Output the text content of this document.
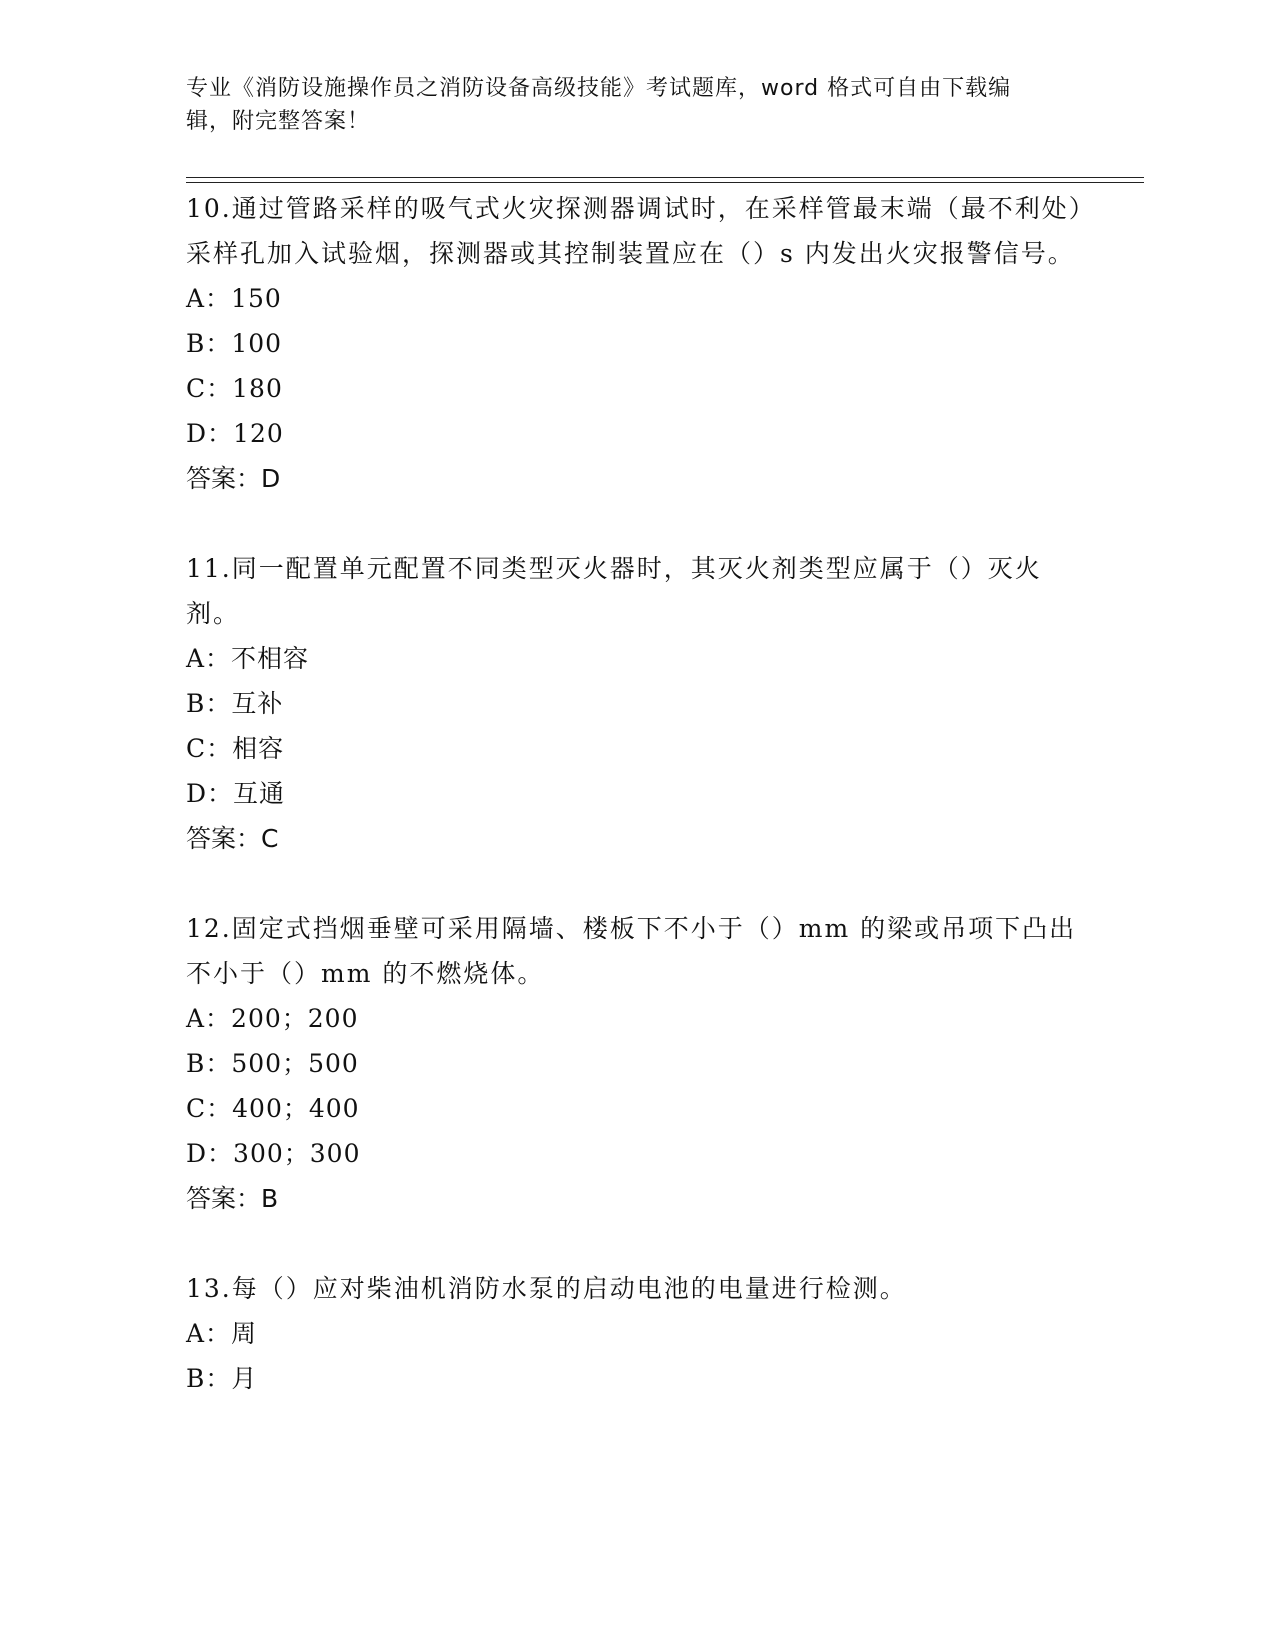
专业《消防设施操作员之消防设备高级技能》考试题库，word 格式可自由下载编
辑，附完整答案！

10.通过管路采样的吸气式火灾探测器调试时，在采样管最末端（最不利处）采样孔加入试验烟，探测器或其控制装置应在（）s 内发出火灾报警信号。

A：150

B：100

C：180

D：120

答案：D

11.同一配置单元配置不同类型灭火器时，其灭火剂类型应属于（）灭火剂。

A：不相容

B：互补

C：相容

D：互通

答案：C

12.固定式挡烟垂壁可采用隔墙、楼板下不小于（）mm 的梁或吊项下凸出不小于（）mm 的不燃烧体。

A：200；200

B：500；500

C：400；400

D：300；300

答案：B

13.每（）应对柴油机消防水泵的启动电池的电量进行检测。

A：周

B：月
